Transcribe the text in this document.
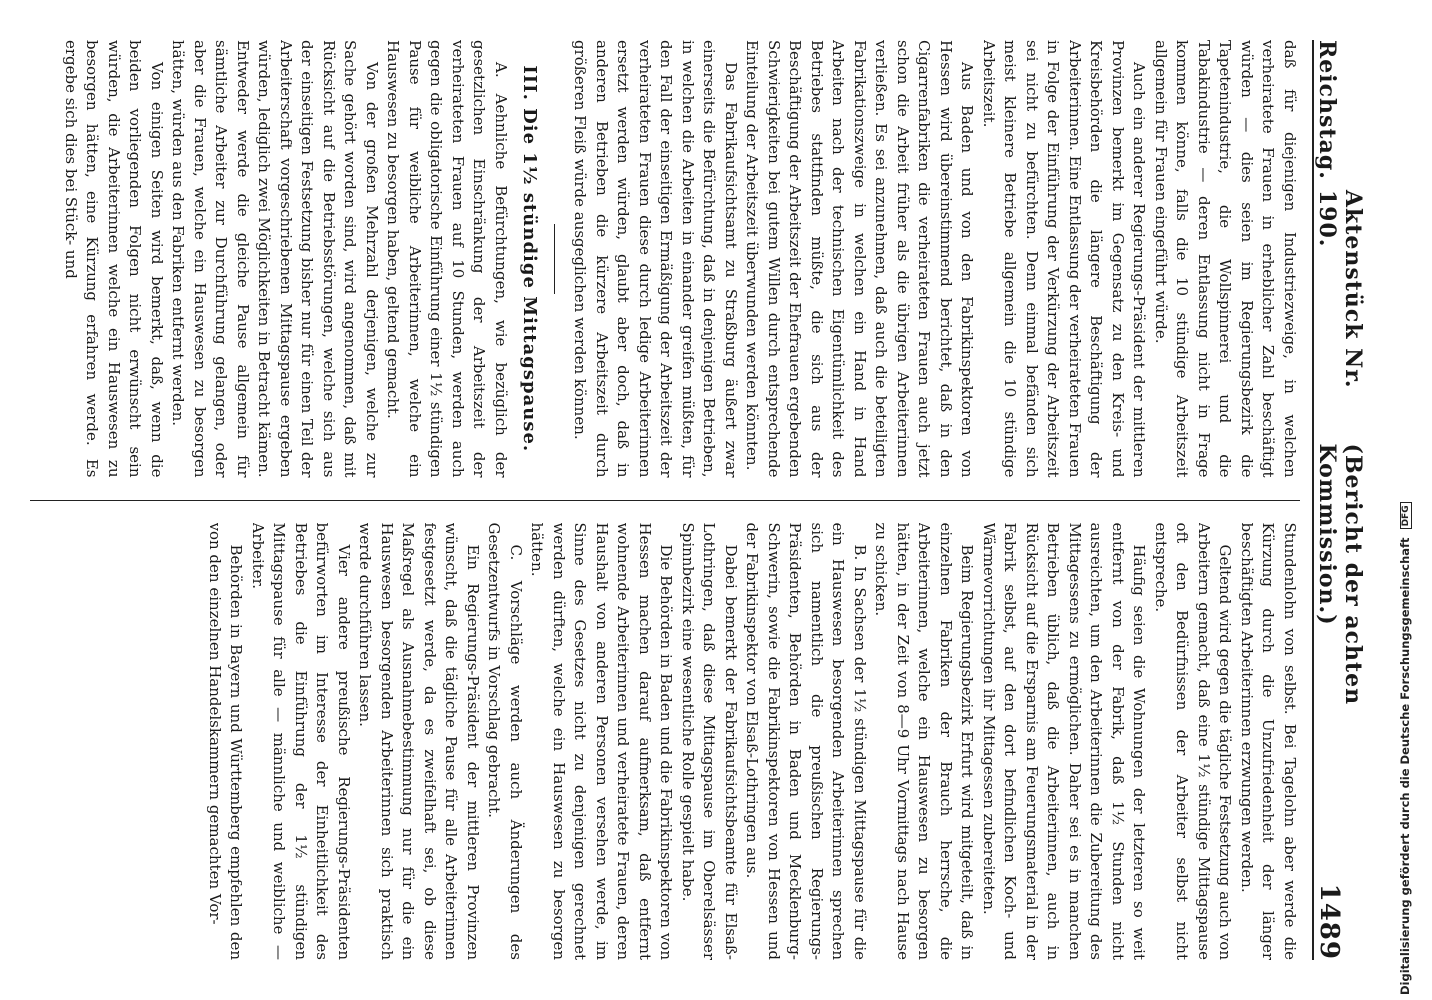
Reichstag.
Aktenstück Nr. 190.
(Bericht der achten Kommission.)
1489

daß für diejenigen Industriezweige, in welchen verheiratete Frauen in erheblicher Zahl beschäftigt würden — dies seien im Regierungsbezirk die Tapetenindustrie, die Wollspinnerei und die Tabakindustrie — deren Entlassung nicht in Frage kommen könne, falls die 10 stündige Arbeitszeit allgemein für Frauen eingeführt würde.

Auch ein anderer Regierungs-Präsident der mittleren Provinzen bemerkt im Gegensatz zu den Kreis- und Kreisbehörden die längere Beschäftigung der Arbeiterinnen. Eine Entlassung der verheirateten Frauen in Folge der Einführung der Verkürzung der Arbeitszeit sei nicht zu befürchten. Denn einmal befänden sich meist kleinere Betriebe allgemein die 10 stündige Arbeitszeit.

Aus Baden und von den Fabrikinspektoren von Hessen wird übereinstimmend berichtet, daß in den Cigarrenfabriken die verheirateten Frauen auch jetzt schon die Arbeit früher als die übrigen Arbeiterinnen verließen. Es sei anzunehmen, daß auch die beteiligten Fabrikationszweige in welchen ein Hand in Hand Arbeiten nach der technischen Eigentümlichkeit des Betriebes stattfinden müßte, die sich aus der Beschäftigung der Arbeitszeit der Ehefrauen ergebenden Schwierigkeiten bei gutem Willen durch entsprechende Einteilung der Arbeitszeit überwunden werden könnten.

Das Fabrikaufsichtsamt zu Straßburg äußert zwar einerseits die Befürchtung, daß in denjenigen Betrieben, in welchen die Arbeiten in einander greifen müßten, für den Fall der einseitigen Ermäßigung der Arbeitszeit der verheirateten Frauen diese durch ledige Arbeiterinnen ersetzt werden würden, glaubt aber doch, daß in anderen Betrieben die kürzere Arbeitszeit durch größeren Fleiß würde ausgeglichen werden können.

III. Die 1½ stündige Mittagspause.

A. Aehnliche Befürchtungen, wie bezüglich der gesetzlichen Einschränkung der Arbeitszeit der verheirateten Frauen auf 10 Stunden, werden auch gegen die obligatorische Einführung einer 1½ stündigen Pause für weibliche Arbeiterinnen, welche ein Hauswesen zu besorgen haben, geltend gemacht.

Von der großen Mehrzahl derjenigen, welche zur Sache gehört worden sind, wird angenommen, daß mit Rücksicht auf die Betriebsstörungen, welche sich aus der einseitigen Festsetzung bisher nur für einen Teil der Arbeiterschaft vorgeschriebenen Mittagspause ergeben würden, lediglich zwei Möglichkeiten in Betracht kämen. Entweder werde die gleiche Pause allgemein für sämtliche Arbeiter zur Durchführung gelangen, oder aber die Frauen, welche ein Hauswesen zu besorgen hätten, würden aus den Fabriken entfernt werden.

Von einigen Seiten wird bemerkt, daß, wenn die beiden vorliegenden Folgen nicht erwünscht sein würden, die Arbeiterinnen welche ein Hauswesen zu besorgen hätten, eine Kürzung erfahren werde. Es ergebe sich dies bei Stück- und

Stundenlohn von selbst. Bei Tagelohn aber werde die Kürzung durch die Unzufriedenheit der länger beschäftigten Arbeiterinnen erzwungen werden.

Geltend wird gegen die tägliche Festsetzung auch von Arbeitern gemacht, daß eine 1½ stündige Mittagspause oft den Bedürfnissen der Arbeiter selbst nicht entspreche.

Häufig seien die Wohnungen der letzteren so weit entfernt von der Fabrik, daß 1½ Stunden nicht ausreichten, um den Arbeiterinnen die Zubereitung des Mittagessens zu ermöglichen. Daher sei es in manchen Betrieben üblich, daß die Arbeiterinnen, auch in Rücksicht auf die Ersparnis am Feuerungsmaterial in der Fabrik selbst, auf den dort befindlichen Koch- und Wärmevorrichtungen ihr Mittagessen zubereiteten.

Beim Regierungsbezirk Erfurt wird mitgeteilt, daß in einzelnen Fabriken der Brauch herrsche, die Arbeiterinnen, welche ein Hauswesen zu besorgen hätten, in der Zeit von 8—9 Uhr Vormittags nach Hause zu schicken.

B. In Sachsen der 1½ stündigen Mittagspause für die ein Hauswesen besorgenden Arbeiterinnen sprechen sich namentlich die preußischen Regierungs-Präsidenten, Behörden in Baden und Mecklenburg-Schwerin, sowie die Fabrikinspektoren von Hessen und der Fabrikinspektor von Elsaß-Lothringen aus.

Dabei bemerkt der Fabrikaufsichtsbeamte für Elsaß-Lothringen, daß diese Mittagspause im Oberelsässer Spinnbezirk eine wesentliche Rolle gespielt habe.

Die Behörden in Baden und die Fabrikinspektoren von Hessen machen darauf aufmerksam, daß entfernt wohnende Arbeiterinnen und verheiratete Frauen, deren Haushalt von anderen Personen versehen werde, im Sinne des Gesetzes nicht zu denjenigen gerechnet werden dürften, welche ein Hauswesen zu besorgen hätten.

C. Vorschläge werden auch Änderungen des Gesetzentwurfs in Vorschlag gebracht.

Ein Regierungs-Präsident der mittleren Provinzen wünscht, daß die tägliche Pause für alle Arbeiterinnen festgesetzt werde, da es zweifelhaft sei, ob diese Maßregel als Ausnahmebestimmung nur für die ein Hauswesen besorgenden Arbeiterinnen sich praktisch werde durchführen lassen.

Vier andere preußische Regierungs-Präsidenten befürworten im Interesse der Einheitlichkeit des Betriebes die Einführung der 1½ stündigen Mittagspause für alle — männliche und weibliche — Arbeiter.

Behörden in Bayern und Württemberg empfehlen den von den einzelnen Handelskammern gemachten Vor-	Digitalisierung gefördert durch die Deutsche Forschungsgemeinschaft DFG
